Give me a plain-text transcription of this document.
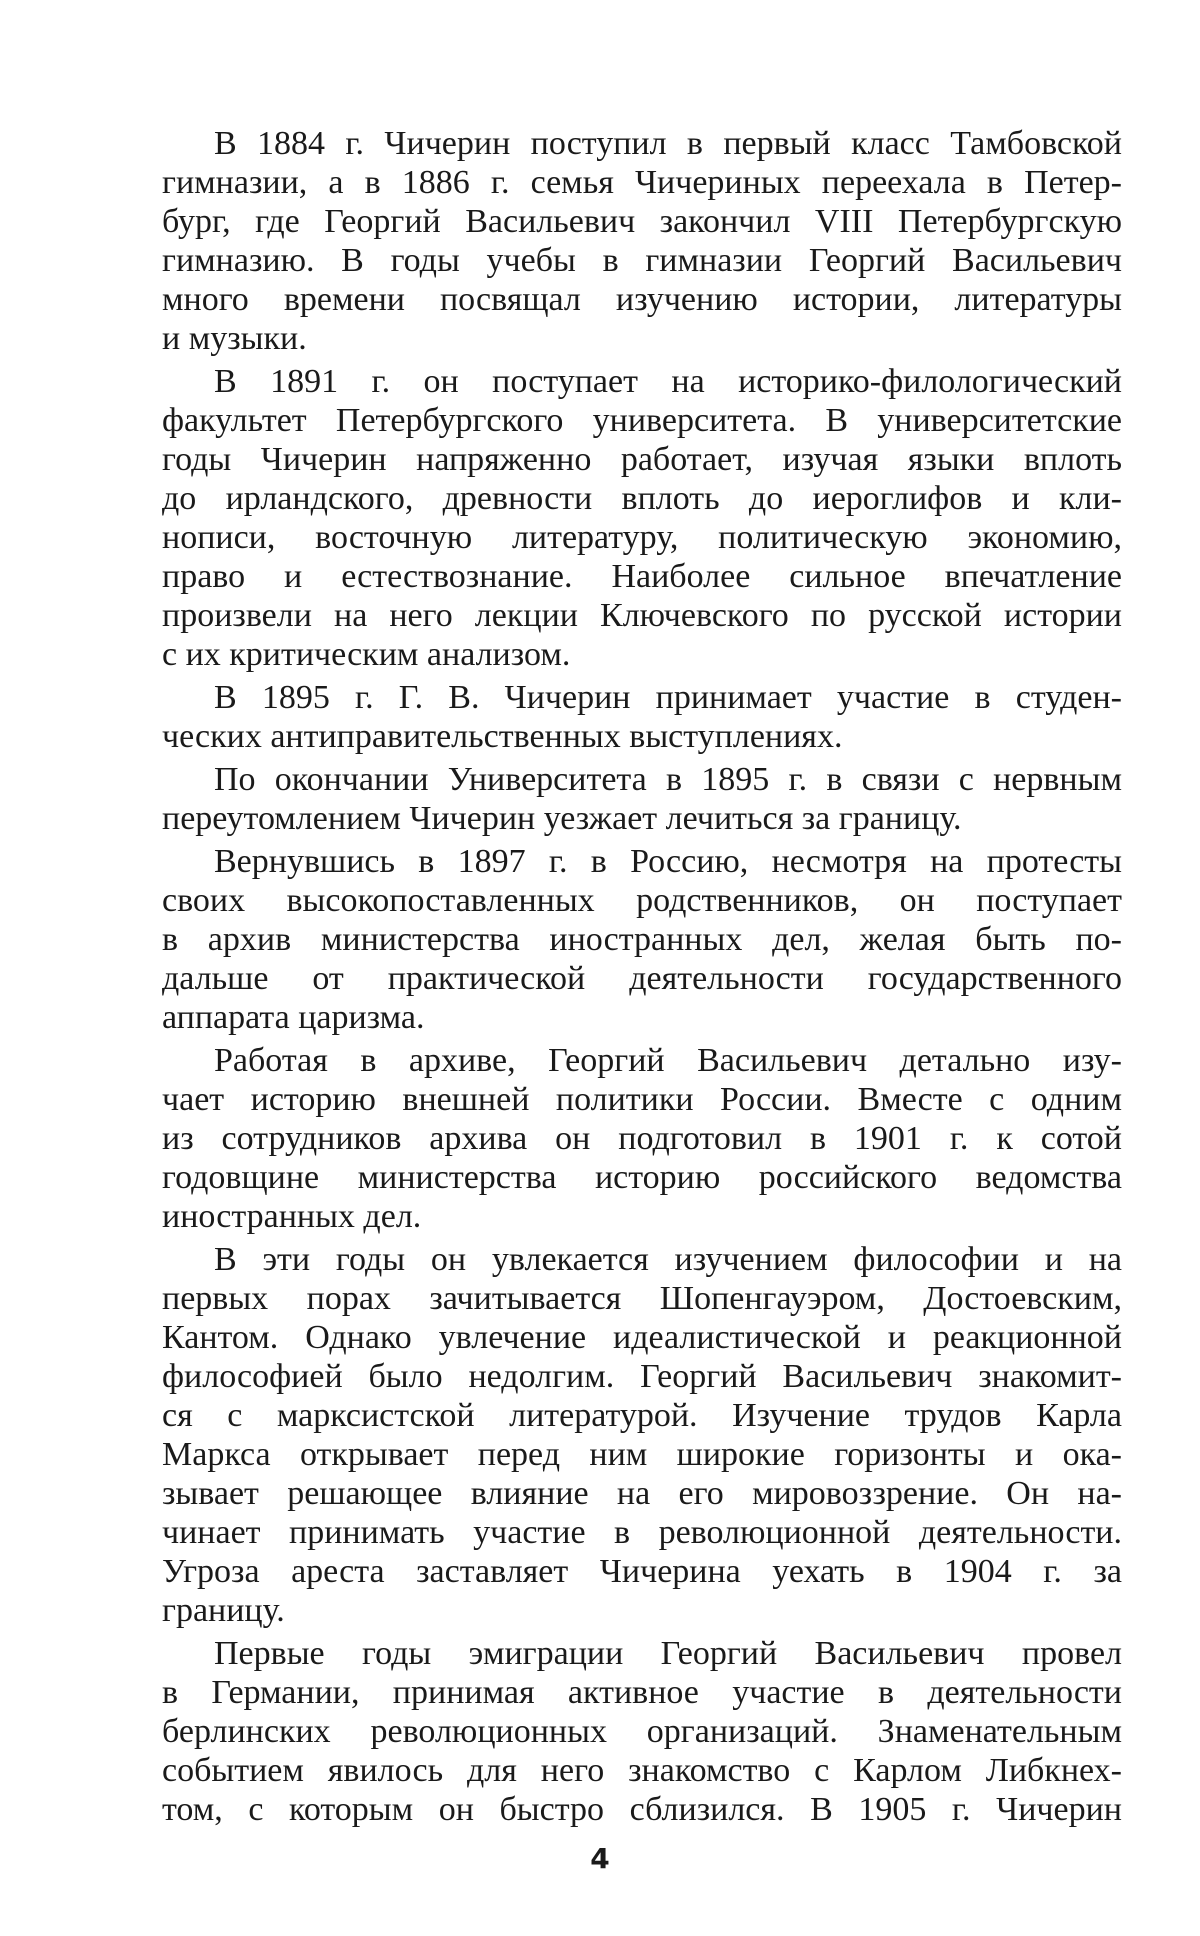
В 1884 г. Чичерин поступил в первый класс Тамбовской
гимназии, а в 1886 г. семья Чичериных переехала в Петер-
бург, где Георгий Васильевич закончил VIII Петербургскую
гимназию. В годы учебы в гимназии Георгий Васильевич
много времени посвящал изучению истории, литературы
и музыки.
В 1891 г. он поступает на историко-филологический
факультет Петербургского университета. В университетские
годы Чичерин напряженно работает, изучая языки вплоть
до ирландского, древности вплоть до иероглифов и кли-
нописи, восточную литературу, политическую экономию,
право и естествознание. Наиболее сильное впечатление
произвели на него лекции Ключевского по русской истории
с их критическим анализом.
В 1895 г. Г. В. Чичерин принимает участие в студен-
ческих антиправительственных выступлениях.
По окончании Университета в 1895 г. в связи с нервным
переутомлением Чичерин уезжает лечиться за границу.
Вернувшись в 1897 г. в Россию, несмотря на протесты
своих высокопоставленных родственников, он поступает
в архив министерства иностранных дел, желая быть по-
дальше от практической деятельности государственного
аппарата царизма.
Работая в архиве, Георгий Васильевич детально изу-
чает историю внешней политики России. Вместе с одним
из сотрудников архива он подготовил в 1901 г. к сотой
годовщине министерства историю российского ведомства
иностранных дел.
В эти годы он увлекается изучением философии и на
первых порах зачитывается Шопенгауэром, Достоевским,
Кантом. Однако увлечение идеалистической и реакционной
философией было недолгим. Георгий Васильевич знакомит-
ся с марксистской литературой. Изучение трудов Карла
Маркса открывает перед ним широкие горизонты и ока-
зывает решающее влияние на его мировоззрение. Он на-
чинает принимать участие в революционной деятельности.
Угроза ареста заставляет Чичерина уехать в 1904 г. за
границу.
Первые годы эмиграции Георгий Васильевич провел
в Германии, принимая активное участие в деятельности
берлинских революционных организаций. Знаменательным
событием явилось для него знакомство с Карлом Либкнех-
том, с которым он быстро сблизился. В 1905 г. Чичерин
4
